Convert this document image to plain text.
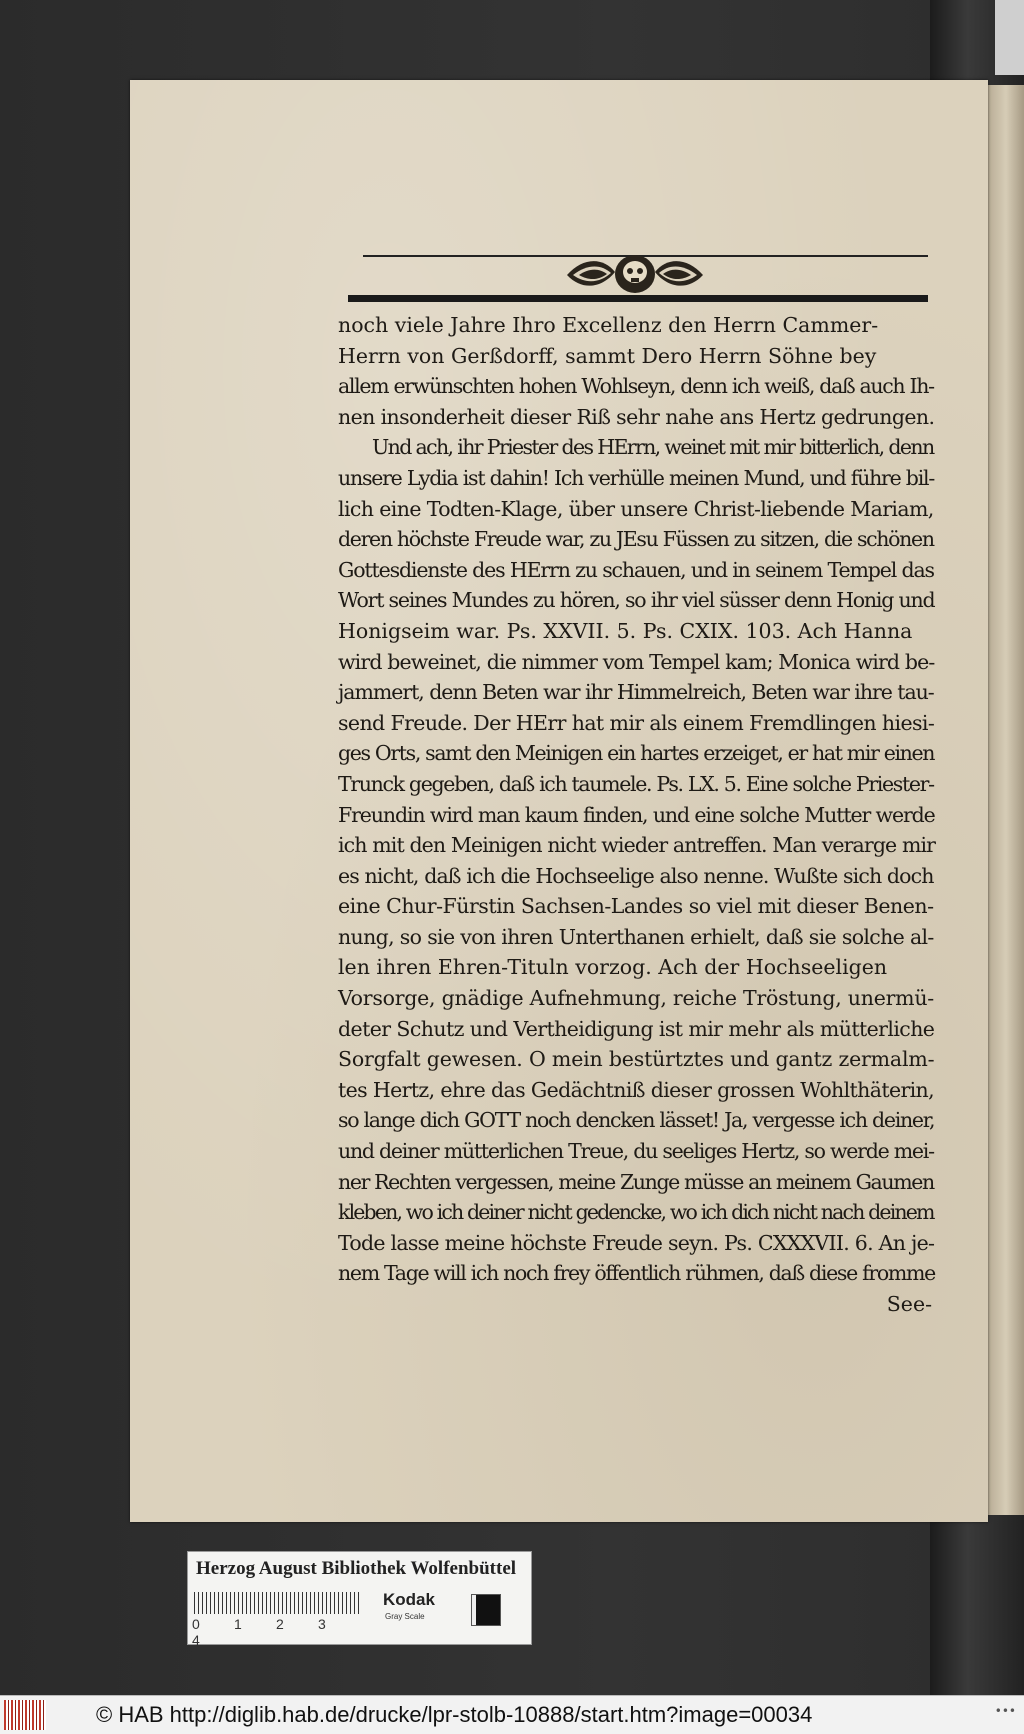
noch viele Jahre Ihro Excellenz den Herrn Cammer-
Herrn von Gerßdorff, sammt Dero Herrn Söhne bey
allem erwünschten hohen Wohlseyn, denn ich weiß, daß auch Ih-
nen insonderheit dieser Riß sehr nahe ans Hertz gedrungen.
Und ach, ihr Priester des HErrn, weinet mit mir bitterlich, denn
unsere Lydia ist dahin! Ich verhülle meinen Mund, und führe bil-
lich eine Todten-Klage, über unsere Christ-liebende Mariam,
deren höchste Freude war, zu JEsu Füssen zu sitzen, die schönen
Gottesdienste des HErrn zu schauen, und in seinem Tempel das
Wort seines Mundes zu hören, so ihr viel süsser denn Honig und
Honigseim war. Ps. XXVII. 5. Ps. CXIX. 103. Ach Hanna
wird beweinet, die nimmer vom Tempel kam; Monica wird be-
jammert, denn Beten war ihr Himmelreich, Beten war ihre tau-
send Freude. Der HErr hat mir als einem Fremdlingen hiesi-
ges Orts, samt den Meinigen ein hartes erzeiget, er hat mir einen
Trunck gegeben, daß ich taumele. Ps. LX. 5. Eine solche Priester-
Freundin wird man kaum finden, und eine solche Mutter werde
ich mit den Meinigen nicht wieder antreffen. Man verarge mir
es nicht, daß ich die Hochseelige also nenne. Wußte sich doch
eine Chur-Fürstin Sachsen-Landes so viel mit dieser Benen-
nung, so sie von ihren Unterthanen erhielt, daß sie solche al-
len ihren Ehren-Tituln vorzog. Ach der Hochseeligen
Vorsorge, gnädige Aufnehmung, reiche Tröstung, unermü-
deter Schutz und Vertheidigung ist mir mehr als mütterliche
Sorgfalt gewesen. O mein bestürtztes und gantz zermalm-
tes Hertz, ehre das Gedächtniß dieser grossen Wohlthäterin,
so lange dich GOTT noch dencken lässet! Ja, vergesse ich deiner,
und deiner mütterlichen Treue, du seeliges Hertz, so werde mei-
ner Rechten vergessen, meine Zunge müsse an meinem Gaumen
kleben, wo ich deiner nicht gedencke, wo ich dich nicht nach deinem
Tode lasse meine höchste Freude seyn. Ps. CXXXVII. 6. An je-
nem Tage will ich noch frey öffentlich rühmen, daß diese fromme
See-
Herzog August Bibliothek Wolfenbüttel
0 1 2 34
Kodak
Gray Scale
© HAB http://diglib.hab.de/drucke/lpr-stolb-10888/start.htm?image=00034	•••
